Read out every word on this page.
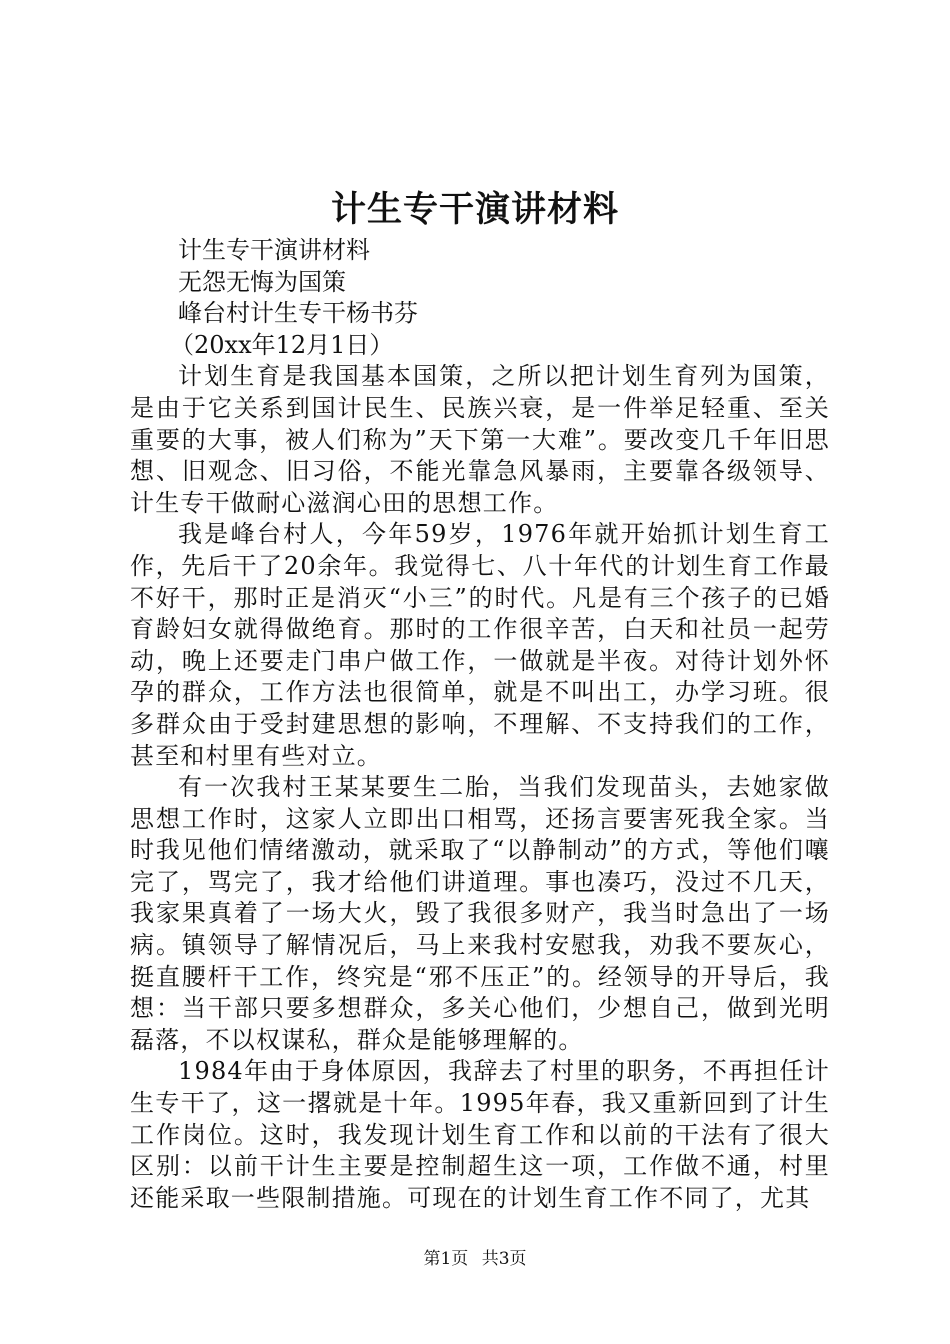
计生专干演讲材料

计生专干演讲材料

无怨无悔为国策

峰台村计生专干杨书芬

（20xx年12月1日）

计划生育是我国基本国策，之所以把计划生育列为国策，是由于它关系到国计民生、民族兴衰，是一件举足轻重、至关重要的大事，被人们称为”天下第一大难”。要改变几千年旧思想、旧观念、旧习俗，不能光靠急风暴雨，主要靠各级领导、计生专干做耐心滋润心田的思想工作。

我是峰台村人，今年59岁，1976年就开始抓计划生育工作，先后干了20余年。我觉得七、八十年代的计划生育工作最不好干，那时正是消灭“小三”的时代。凡是有三个孩子的已婚育龄妇女就得做绝育。那时的工作很辛苦，白天和社员一起劳动，晚上还要走门串户做工作，一做就是半夜。对待计划外怀孕的群众，工作方法也很简单，就是不叫出工，办学习班。很多群众由于受封建思想的影响，不理解、不支持我们的工作，甚至和村里有些对立。

有一次我村王某某要生二胎，当我们发现苗头，去她家做思想工作时，这家人立即出口相骂，还扬言要害死我全家。当时我见他们情绪激动，就采取了“以静制动”的方式，等他们嚷完了，骂完了，我才给他们讲道理。事也凑巧，没过不几天，我家果真着了一场大火，毁了我很多财产，我当时急出了一场病。镇领导了解情况后，马上来我村安慰我，劝我不要灰心，挺直腰杆干工作，终究是“邪不压正”的。经领导的开导后，我想：当干部只要多想群众，多关心他们，少想自己，做到光明磊落，不以权谋私，群众是能够理解的。

1984年由于身体原因，我辞去了村里的职务，不再担任计生专干了，这一撂就是十年。1995年春，我又重新回到了计生工作岗位。这时，我发现计划生育工作和以前的干法有了很大区别：以前干计生主要是控制超生这一项，工作做不通，村里还能采取一些限制措施。可现在的计划生育工作不同了，尤其

第1页 共3页
